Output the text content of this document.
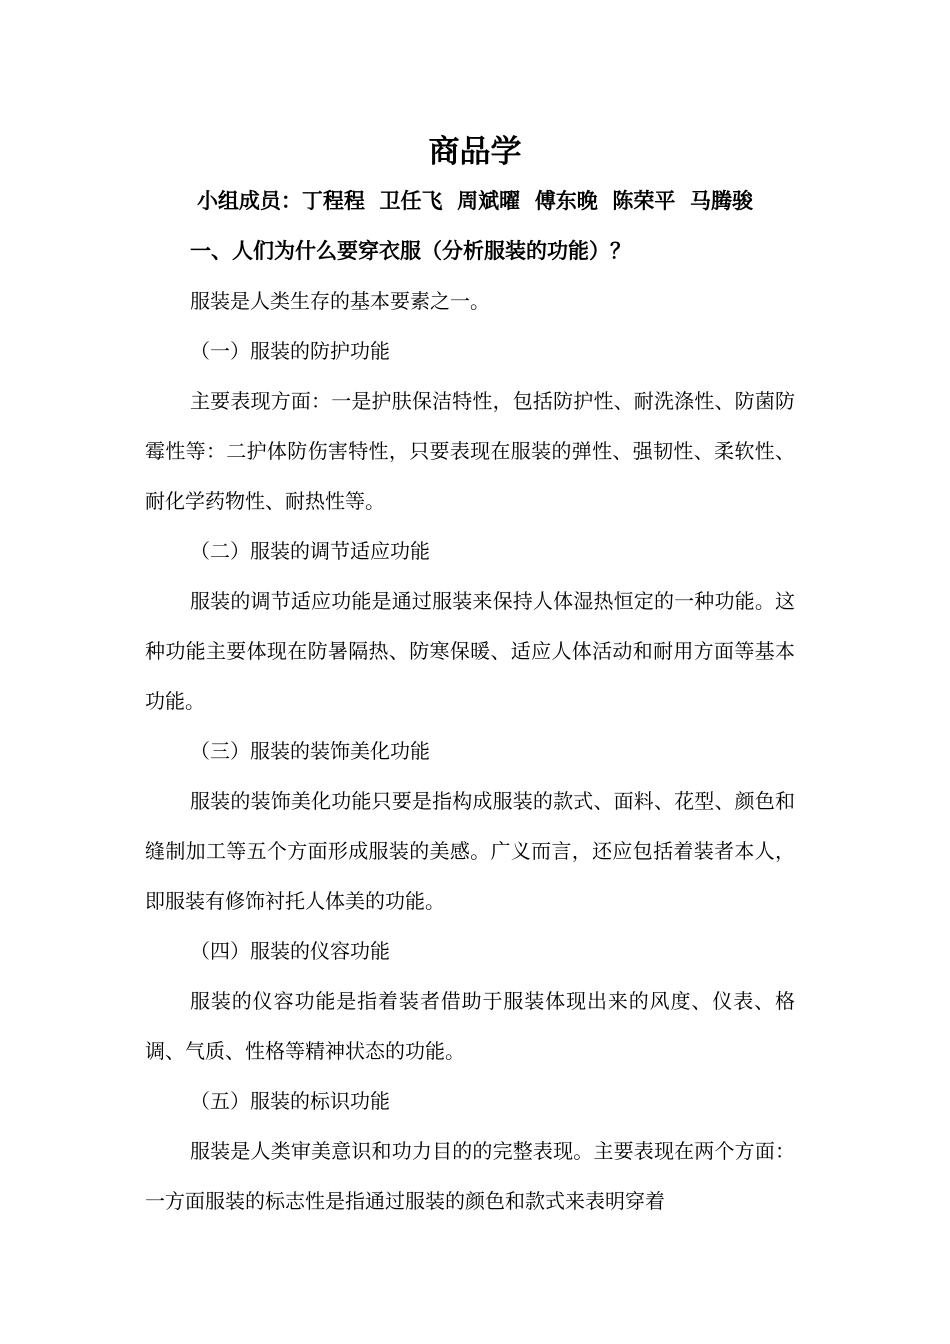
商品学

小组成员：丁程程  卫任飞  周斌曜  傅东晚  陈荣平  马腾骏

一、人们为什么要穿衣服（分析服装的功能）？

服装是人类生存的基本要素之一。

（一）服装的防护功能

主要表现方面：一是护肤保洁特性，包括防护性、耐洗涤性、防菌防霉性等：二护体防伤害特性，只要表现在服装的弹性、强韧性、柔软性、耐化学药物性、耐热性等。

（二）服装的调节适应功能

服装的调节适应功能是通过服装来保持人体湿热恒定的一种功能。这种功能主要体现在防暑隔热、防寒保暖、适应人体活动和耐用方面等基本功能。

（三）服装的装饰美化功能

服装的装饰美化功能只要是指构成服装的款式、面料、花型、颜色和缝制加工等五个方面形成服装的美感。广义而言，还应包括着装者本人，即服装有修饰衬托人体美的功能。

（四）服装的仪容功能

服装的仪容功能是指着装者借助于服装体现出来的风度、仪表、格调、气质、性格等精神状态的功能。

（五）服装的标识功能

服装是人类审美意识和功力目的的完整表现。主要表现在两个方面：一方面服装的标志性是指通过服装的颜色和款式来表明穿着
